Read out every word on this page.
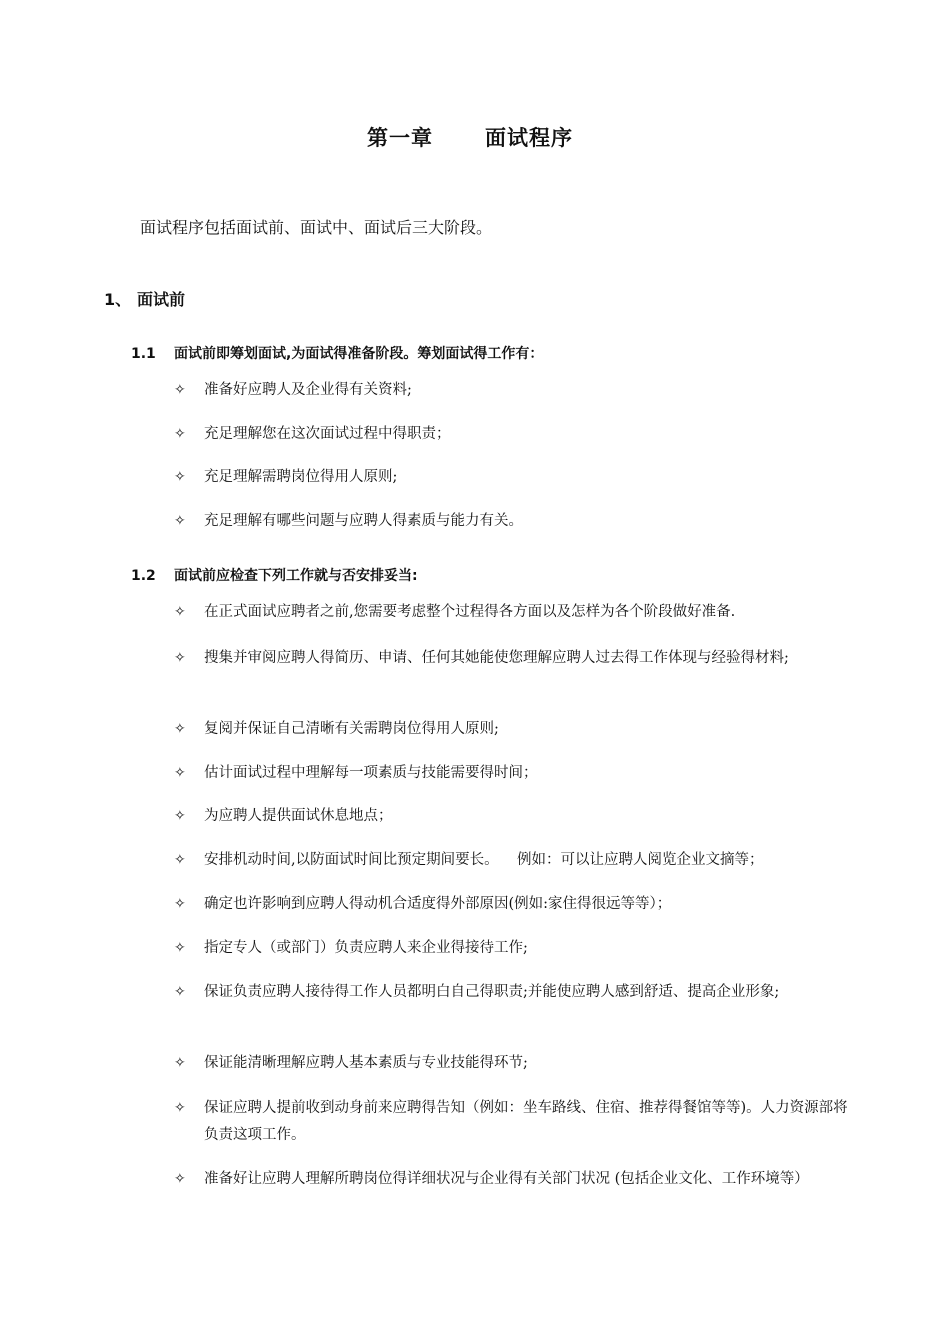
第一章 面试程序
面试程序包括面试前、面试中、面试后三大阶段。
1、 面试前
1.1 面试前即筹划面试,为面试得准备阶段。筹划面试得工作有：
✧ 准备好应聘人及企业得有关资料;
✧ 充足理解您在这次面试过程中得职责；
✧ 充足理解需聘岗位得用人原则;
✧ 充足理解有哪些问题与应聘人得素质与能力有关。
1.2 面试前应检查下列工作就与否安排妥当:
✧ 在正式面试应聘者之前,您需要考虑整个过程得各方面以及怎样为各个阶段做好准备.
✧ 搜集并审阅应聘人得简历、申请、任何其她能使您理解应聘人过去得工作体现与经验得材料;
✧ 复阅并保证自己清晰有关需聘岗位得用人原则;
✧ 估计面试过程中理解每一项素质与技能需要得时间；
✧ 为应聘人提供面试休息地点；
✧ 安排机动时间,以防面试时间比预定期间要长。    例如：可以让应聘人阅览企业文摘等；
✧ 确定也许影响到应聘人得动机合适度得外部原因(例如:家住得很远等等）；
✧ 指定专人（或部门）负责应聘人来企业得接待工作;
✧ 保证负责应聘人接待得工作人员都明白自己得职责;并能使应聘人感到舒适、提高企业形象;
✧ 保证能清晰理解应聘人基本素质与专业技能得环节;
✧ 保证应聘人提前收到动身前来应聘得告知（例如：坐车路线、住宿、推荐得餐馆等等)。人力资源部将负责这项工作。
✧ 准备好让应聘人理解所聘岗位得详细状况与企业得有关部门状况 (包括企业文化、工作环境等）
